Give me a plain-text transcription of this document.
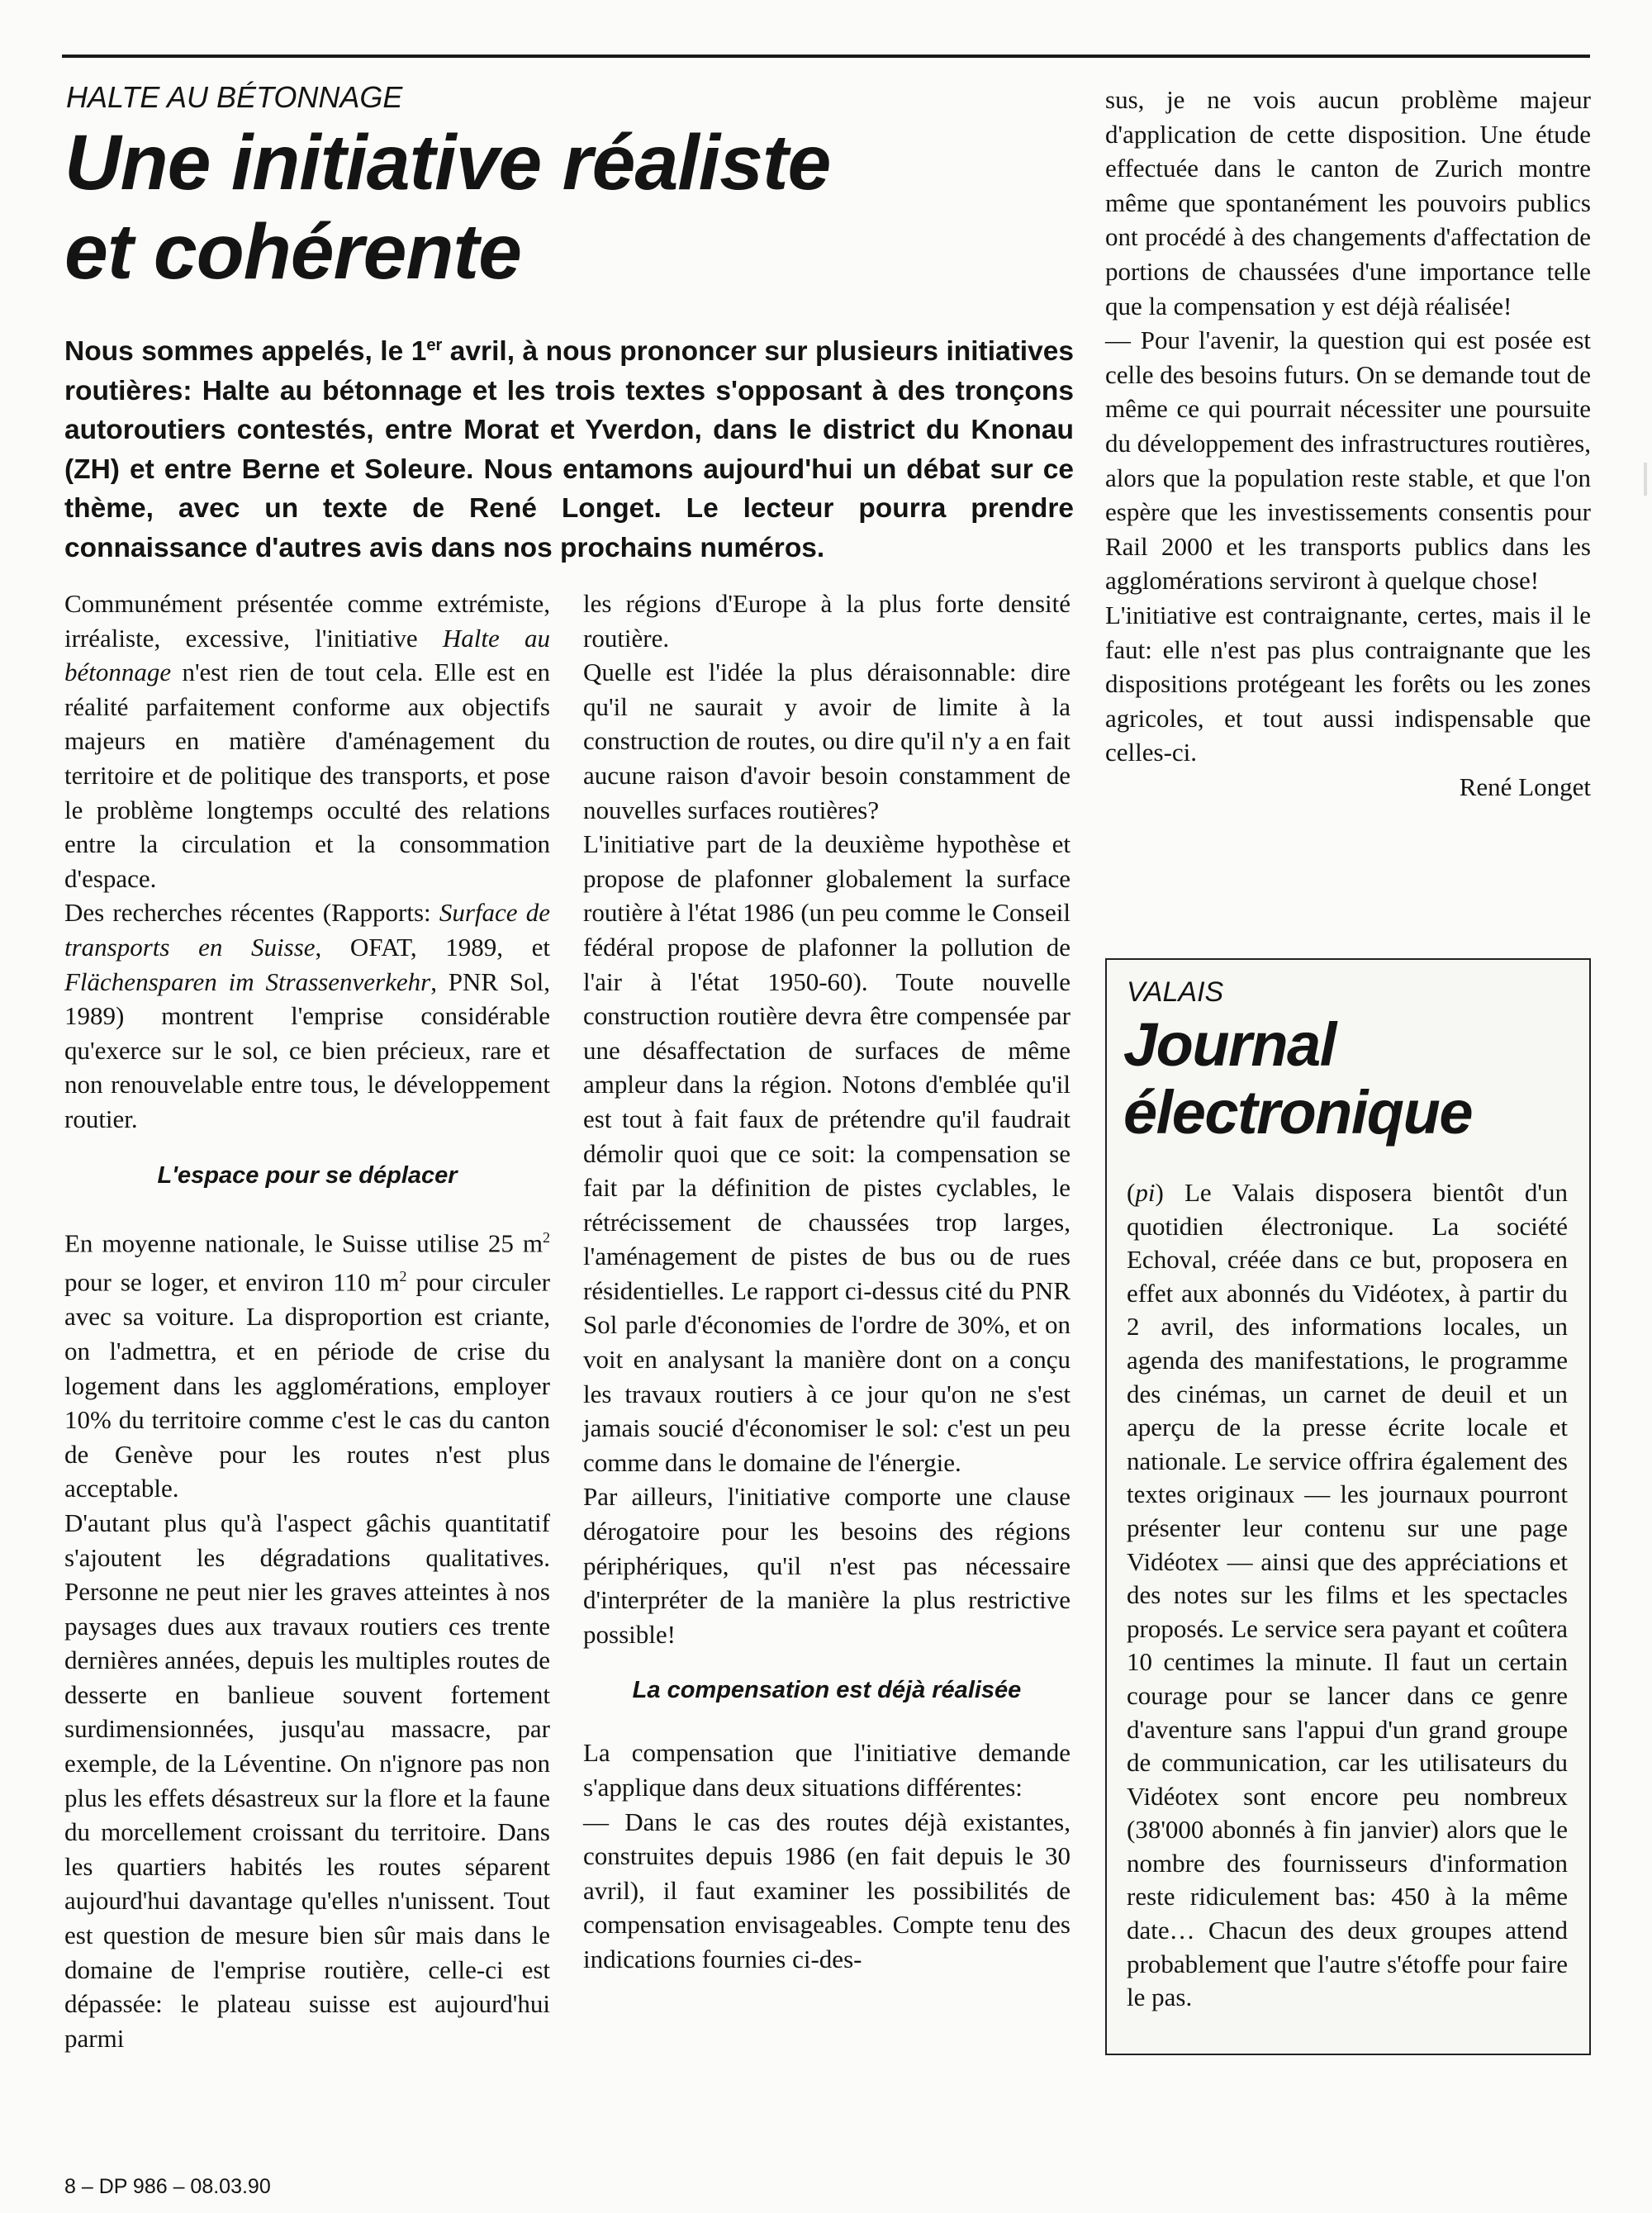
HALTE AU BÉTONNAGE
Une initiative réaliste
et cohérente

Nous sommes appelés, le 1er avril, à nous prononcer sur plusieurs initiatives routières: Halte au bétonnage et les trois textes s'opposant à des tronçons autoroutiers contestés, entre Morat et Yverdon, dans le district du Knonau (ZH) et entre Berne et Soleure. Nous entamons aujourd'hui un débat sur ce thème, avec un texte de René Longet. Le lecteur pourra prendre connaissance d'autres avis dans nos prochains numéros.

Communément présentée comme extrémiste, irréaliste, excessive, l'initiative Halte au bétonnage n'est rien de tout cela. Elle est en réalité parfaitement conforme aux objectifs majeurs en matière d'aménagement du territoire et de politique des transports, et pose le problème longtemps occulté des relations entre la circulation et la consommation d'espace.

Des recherches récentes (Rapports: Surface de transports en Suisse, OFAT, 1989, et Flächensparen im Strassenverkehr, PNR Sol, 1989) montrent l'emprise considérable qu'exerce sur le sol, ce bien précieux, rare et non renouvelable entre tous, le développement routier.

L'espace pour se déplacer

En moyenne nationale, le Suisse utilise 25 $m^2$ pour se loger, et environ 110 $m^2$ pour circuler avec sa voiture. La disproportion est criante, on l'admettra, et en période de crise du logement dans les agglomérations, employer 10% du territoire comme c'est le cas du canton de Genève pour les routes n'est plus acceptable.

D'autant plus qu'à l'aspect gâchis quantitatif s'ajoutent les dégradations qualitatives. Personne ne peut nier les graves atteintes à nos paysages dues aux travaux routiers ces trente dernières années, depuis les multiples routes de desserte en banlieue souvent fortement surdimensionnées, jusqu'au massacre, par exemple, de la Léventine. On n'ignore pas non plus les effets désastreux sur la flore et la faune du morcellement croissant du territoire. Dans les quartiers habités les routes séparent aujourd'hui davantage qu'elles n'unissent. Tout est question de mesure bien sûr mais dans le domaine de l'emprise routière, celle-ci est dépassée: le plateau suisse est aujourd'hui parmi

les régions d'Europe à la plus forte densité routière.

Quelle est l'idée la plus déraisonnable: dire qu'il ne saurait y avoir de limite à la construction de routes, ou dire qu'il n'y a en fait aucune raison d'avoir besoin constamment de nouvelles surfaces routières?

L'initiative part de la deuxième hypothèse et propose de plafonner globalement la surface routière à l'état 1986 (un peu comme le Conseil fédéral propose de plafonner la pollution de l'air à l'état 1950-60). Toute nouvelle construction routière devra être compensée par une désaffectation de surfaces de même ampleur dans la région. Notons d'emblée qu'il est tout à fait faux de prétendre qu'il faudrait démolir quoi que ce soit: la compensation se fait par la définition de pistes cyclables, le rétrécissement de chaussées trop larges, l'aménagement de pistes de bus ou de rues résidentielles. Le rapport ci-dessus cité du PNR Sol parle d'économies de l'ordre de 30%, et on voit en analysant la manière dont on a conçu les travaux routiers à ce jour qu'on ne s'est jamais soucié d'économiser le sol: c'est un peu comme dans le domaine de l'énergie.

Par ailleurs, l'initiative comporte une clause dérogatoire pour les besoins des régions périphériques, qu'il n'est pas nécessaire d'interpréter de la manière la plus restrictive possible!

La compensation est déjà réalisée

La compensation que l'initiative demande s'applique dans deux situations différentes:

— Dans le cas des routes déjà existantes, construites depuis 1986 (en fait depuis le 30 avril), il faut examiner les possibilités de compensation envisageables. Compte tenu des indications fournies ci-des-

sus, je ne vois aucun problème majeur d'application de cette disposition. Une étude effectuée dans le canton de Zurich montre même que spontanément les pouvoirs publics ont procédé à des changements d'affectation de portions de chaussées d'une importance telle que la compensation y est déjà réalisée!

— Pour l'avenir, la question qui est posée est celle des besoins futurs. On se demande tout de même ce qui pourrait nécessiter une poursuite du développement des infrastructures routières, alors que la population reste stable, et que l'on espère que les investissements consentis pour Rail 2000 et les transports publics dans les agglomérations serviront à quelque chose!

L'initiative est contraignante, certes, mais il le faut: elle n'est pas plus contraignante que les dispositions protégeant les forêts ou les zones agricoles, et tout aussi indispensable que celles-ci.

René Longet

VALAIS
Journal
électronique

(pi) Le Valais disposera bientôt d'un quotidien électronique. La société Echoval, créée dans ce but, proposera en effet aux abonnés du Vidéotex, à partir du 2 avril, des informations locales, un agenda des manifestations, le programme des cinémas, un carnet de deuil et un aperçu de la presse écrite locale et nationale. Le service offrira également des textes originaux — les journaux pourront présenter leur contenu sur une page Vidéotex — ainsi que des appréciations et des notes sur les films et les spectacles proposés. Le service sera payant et coûtera 10 centimes la minute. Il faut un certain courage pour se lancer dans ce genre d'aventure sans l'appui d'un grand groupe de communication, car les utilisateurs du Vidéotex sont encore peu nombreux (38'000 abonnés à fin janvier) alors que le nombre des fournisseurs d'information reste ridiculement bas: 450 à la même date… Chacun des deux groupes attend probablement que l'autre s'étoffe pour faire le pas.

8 – DP 986 – 08.03.90
